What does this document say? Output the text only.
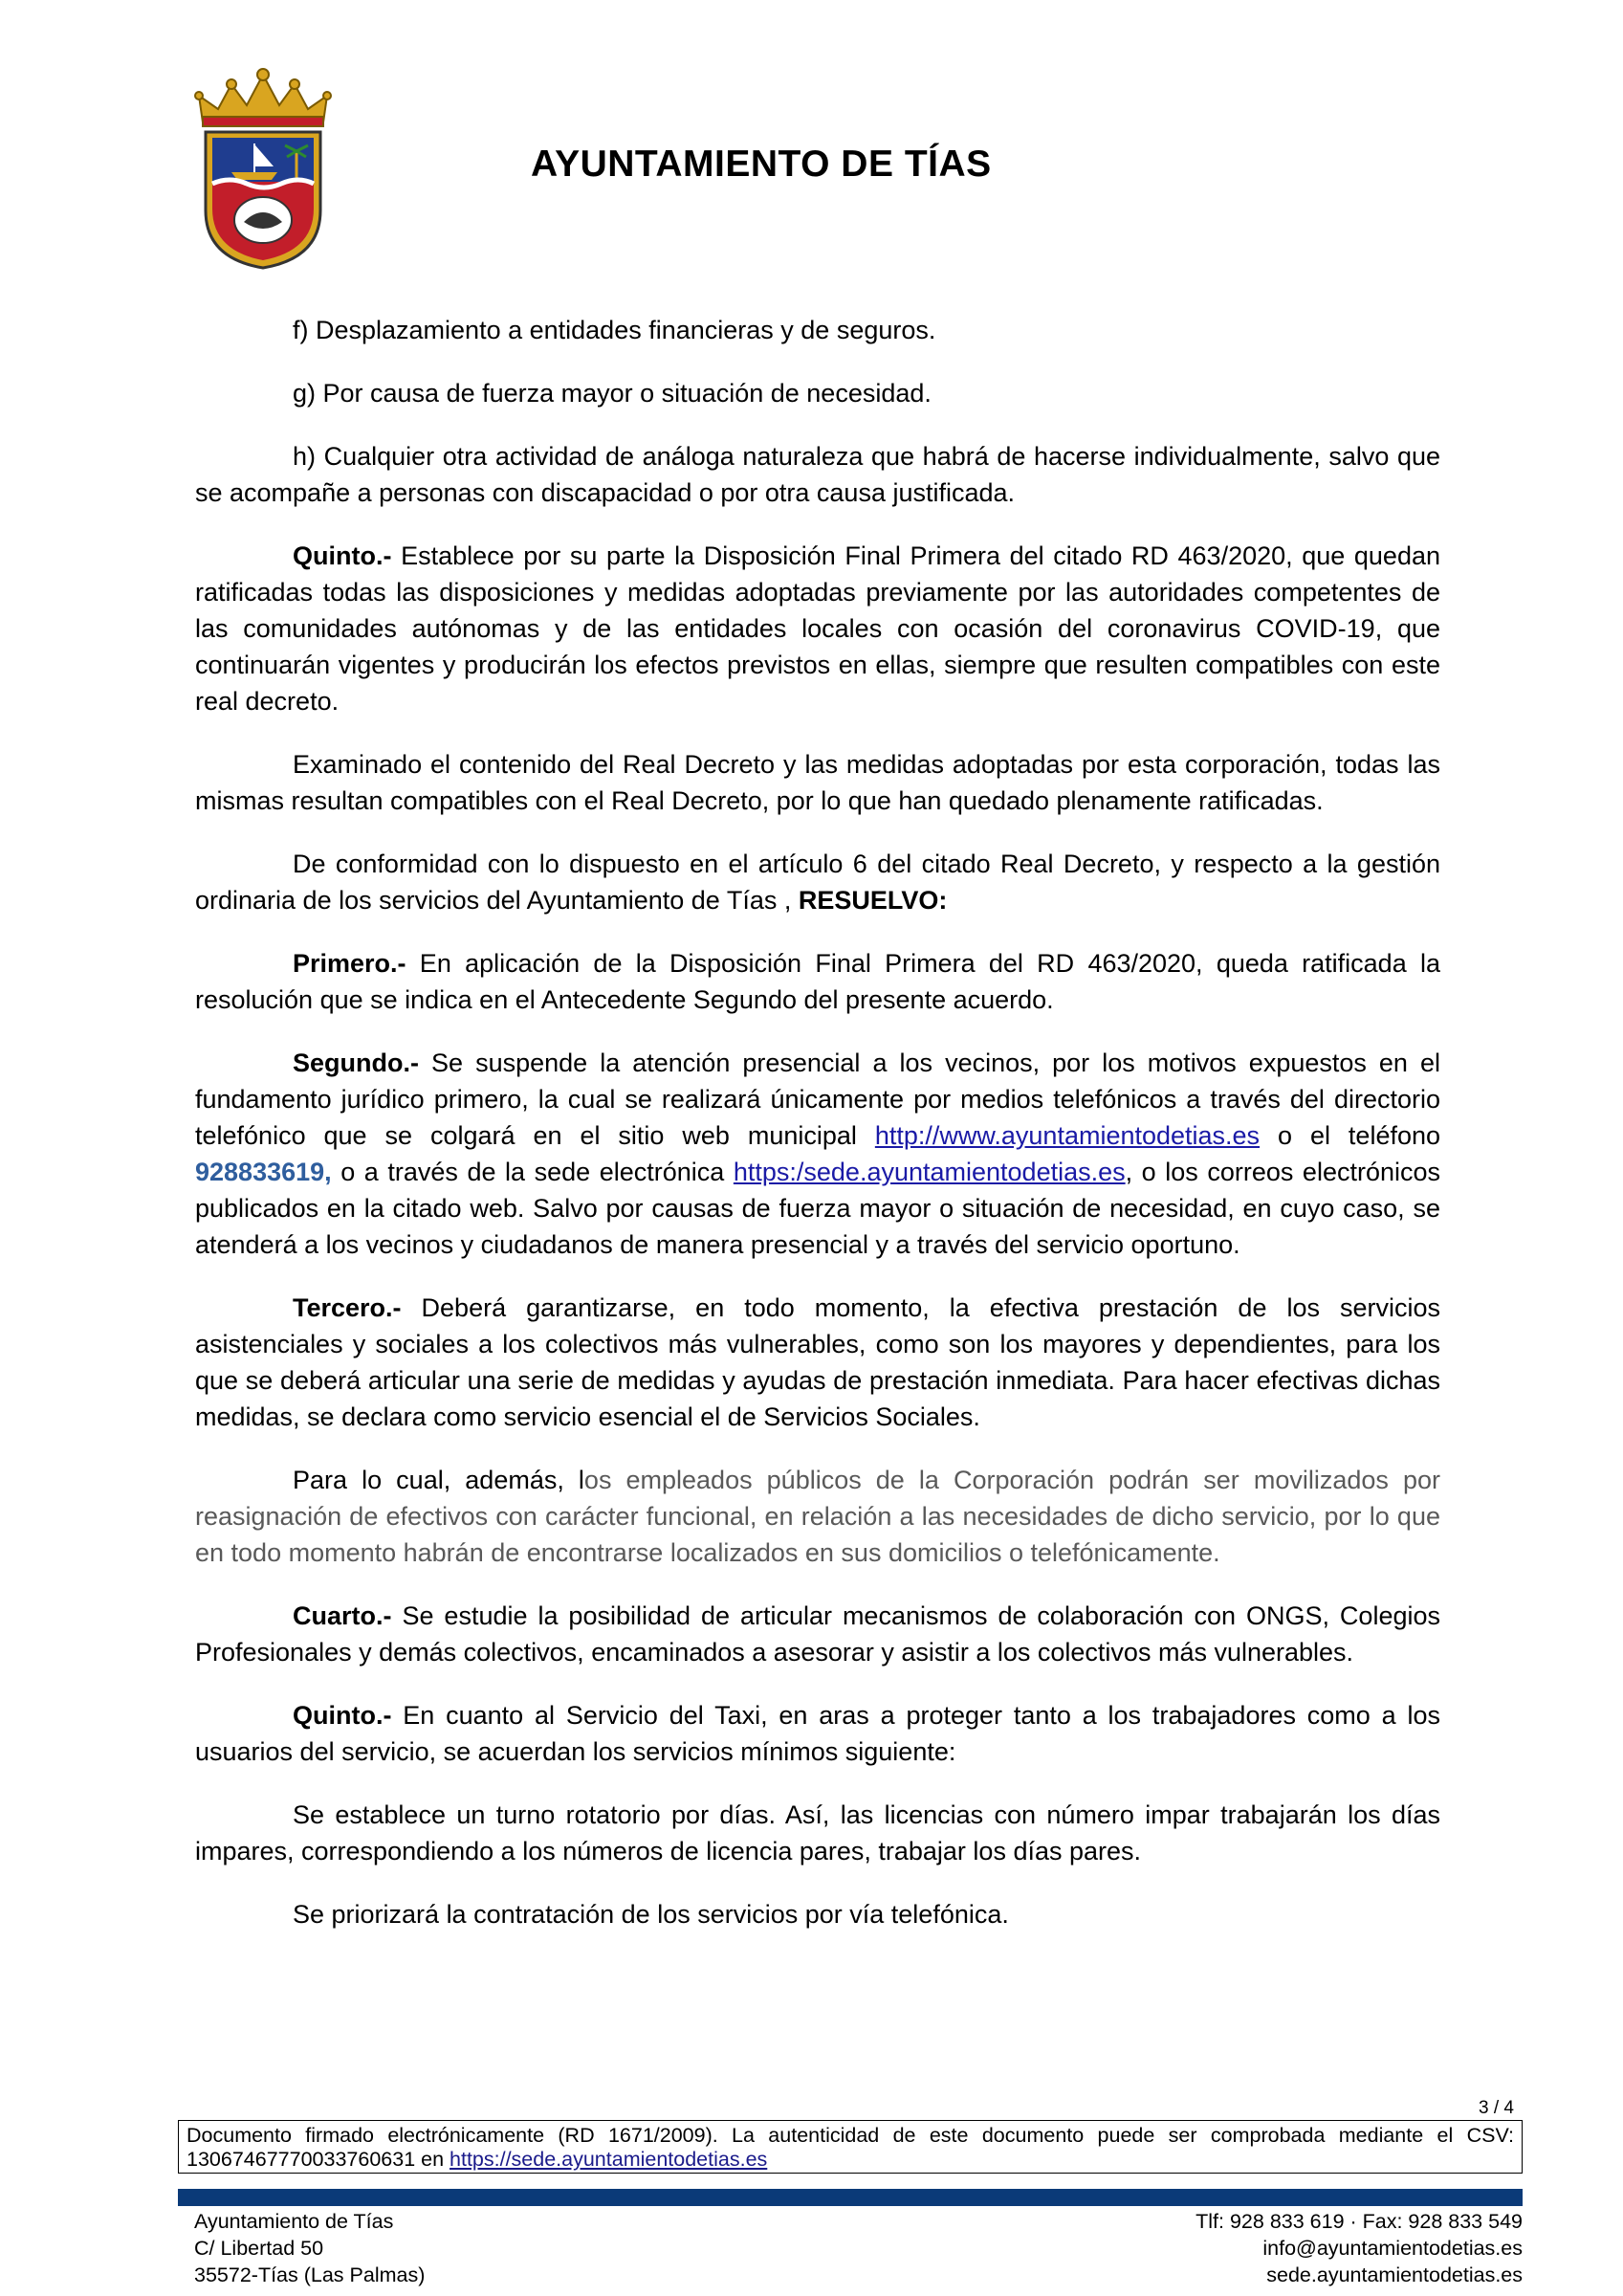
AYUNTAMIENTO DE TÍAS

f) Desplazamiento a entidades financieras y de seguros.

g) Por causa de fuerza mayor o situación de necesidad.

h) Cualquier otra actividad de análoga naturaleza que habrá de hacerse individualmente, salvo que se acompañe a personas con discapacidad o por otra causa justificada.

Quinto.- Establece por su parte la Disposición Final Primera del citado RD 463/2020, que quedan ratificadas todas las disposiciones y medidas adoptadas previamente por las autoridades competentes de las comunidades autónomas y de las entidades locales con ocasión del coronavirus COVID-19, que continuarán vigentes y producirán los efectos previstos en ellas, siempre que resulten compatibles con este real decreto.

Examinado el contenido del Real Decreto y las medidas adoptadas por esta corporación, todas las mismas resultan compatibles con el Real Decreto, por lo que han quedado plenamente ratificadas.

De conformidad con lo dispuesto en el artículo 6 del citado Real Decreto, y respecto a la gestión ordinaria de los servicios del Ayuntamiento de Tías , RESUELVO:

Primero.- En aplicación de la Disposición Final Primera del RD 463/2020, queda ratificada la resolución que se indica en el Antecedente Segundo del presente acuerdo.

Segundo.- Se suspende la atención presencial a los vecinos, por los motivos expuestos en el fundamento jurídico primero, la cual se realizará únicamente por medios telefónicos a través del directorio telefónico que se colgará en el sitio web municipal http://www.ayuntamientodetias.es o el teléfono 928833619, o a través de la sede electrónica https:/sede.ayuntamientodetias.es, o los correos electrónicos publicados en la citado web. Salvo por causas de fuerza mayor o situación de necesidad, en cuyo caso, se atenderá a los vecinos y ciudadanos de manera presencial y a través del servicio oportuno.

Tercero.- Deberá garantizarse, en todo momento, la efectiva prestación de los servicios asistenciales y sociales a los colectivos más vulnerables, como son los mayores y dependientes, para los que se deberá articular una serie de medidas y ayudas de prestación inmediata. Para hacer efectivas dichas medidas, se declara como servicio esencial el de Servicios Sociales.

Para lo cual, además, los empleados públicos de la Corporación podrán ser movilizados por reasignación de efectivos con carácter funcional, en relación a las necesidades de dicho servicio, por lo que en todo momento habrán de encontrarse localizados en sus domicilios o telefónicamente.

Cuarto.- Se estudie la posibilidad de articular mecanismos de colaboración con ONGS, Colegios Profesionales y demás colectivos, encaminados a asesorar y asistir a los colectivos más vulnerables.

Quinto.- En cuanto al Servicio del Taxi, en aras a proteger tanto a los trabajadores como a los usuarios del servicio, se acuerdan los servicios mínimos siguiente:

Se establece un turno rotatorio por días. Así, las licencias con número impar trabajarán los días impares, correspondiendo a los números de licencia pares, trabajar los días pares.

Se priorizará la contratación de los servicios por vía telefónica.

3 / 4
Documento firmado electrónicamente (RD 1671/2009). La autenticidad de este documento puede ser comprobada mediante el CSV: 13067467770033760631 en https://sede.ayuntamientodetias.es
Ayuntamiento de Tías
C/ Libertad 50
35572-Tías (Las Palmas)
Tlf: 928 833 619 · Fax: 928 833 549
info@ayuntamientodetias.es
sede.ayuntamientodetias.es
